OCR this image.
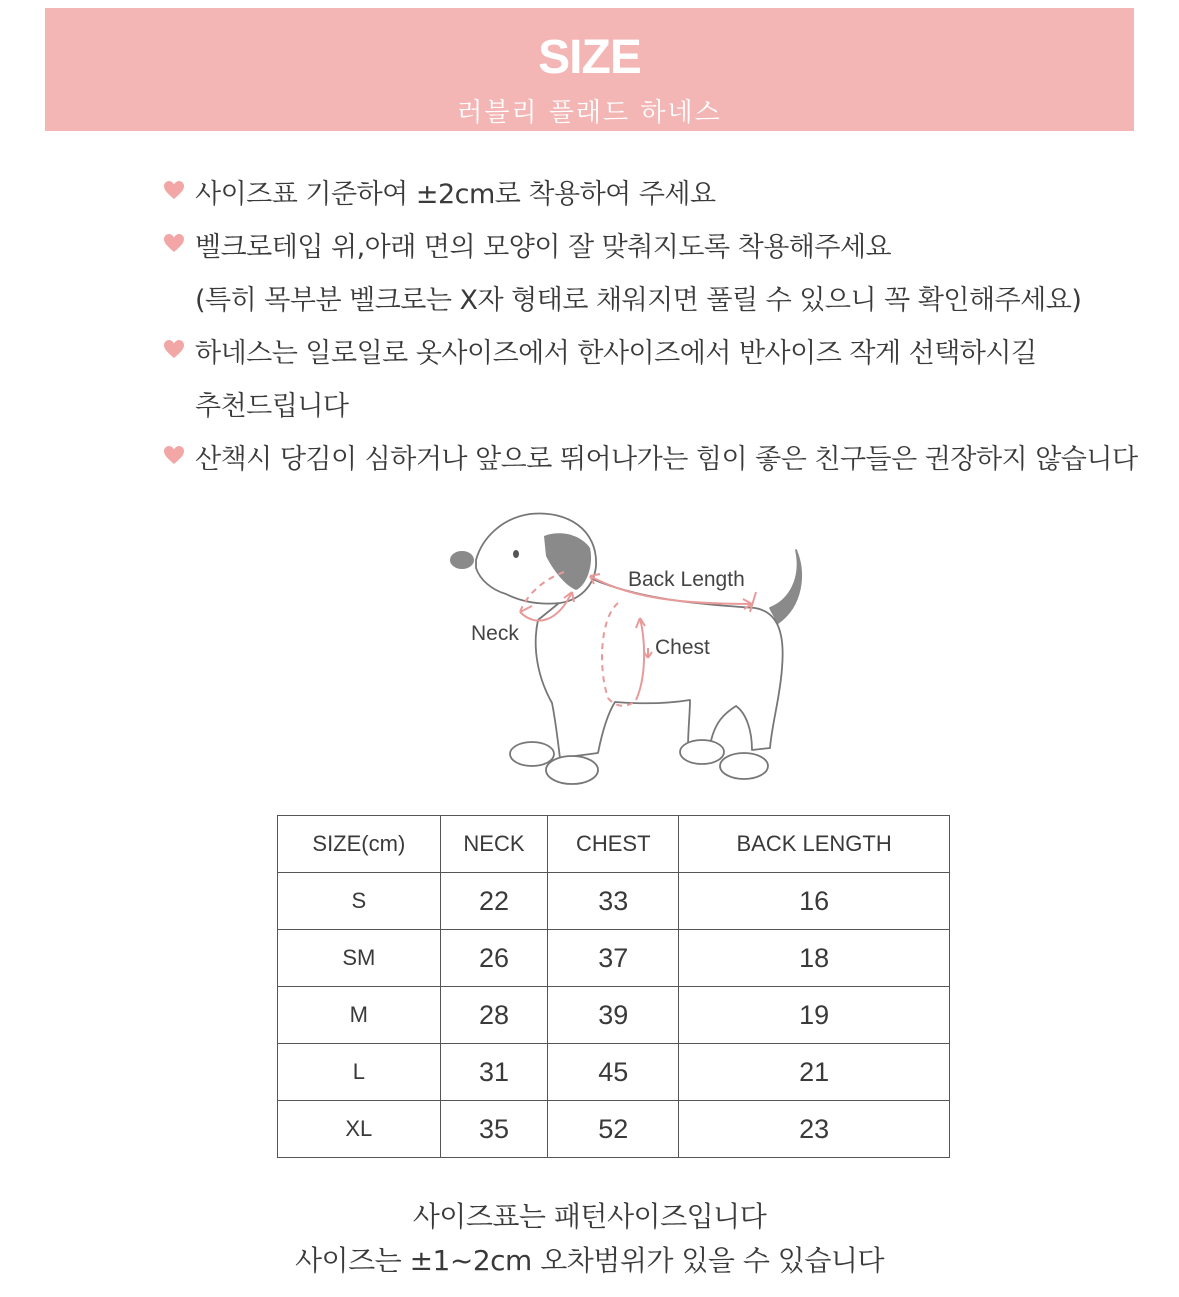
SIZE
러블리 플래드 하네스
사이즈표 기준하여 ±2cm로 착용하여 주세요
벨크로테입 위,아래 면의 모양이 잘 맞춰지도록 착용해주세요
(특히 목부분 벨크로는 X자 형태로 채워지면 풀릴 수 있으니 꼭 확인해주세요)
하네스는 일로일로 옷사이즈에서 한사이즈에서 반사이즈 작게 선택하시길
추천드립니다
산책시 당김이 심하거나 앞으로 뛰어나가는 힘이 좋은 친구들은 권장하지 않습니다
Back Length
Neck
Chest
SIZE(cm)	NECK	CHEST	BACK LENGTH
S	22	33	16
SM	26	37	18
M	28	39	19
L	31	45	21
XL	35	52	23
사이즈표는 패턴사이즈입니다
사이즈는 ±1~2cm 오차범위가 있을 수 있습니다
